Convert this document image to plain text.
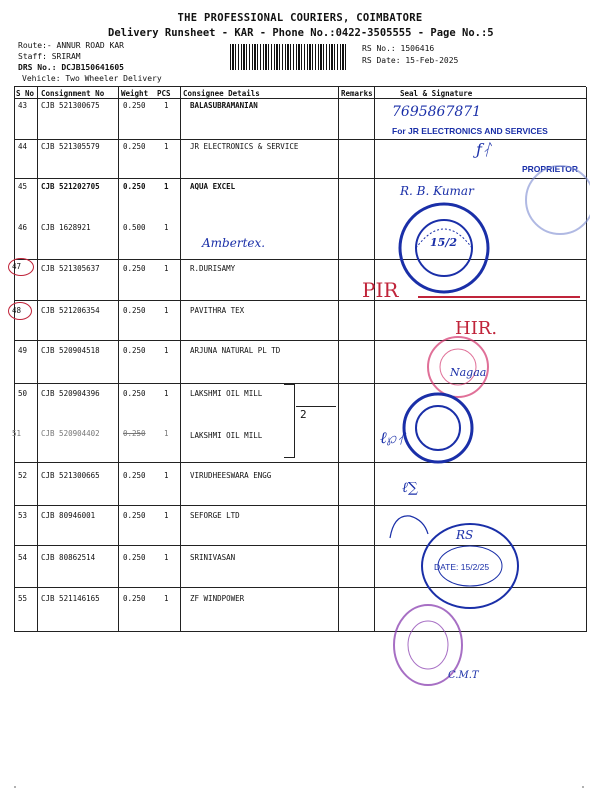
THE PROFESSIONAL COURIERS, COIMBATORE
Delivery Runsheet - KAR - Phone No.:0422-3505555 - Page No.:5
Route:- ANNUR ROAD KAR
Staff: SRIRAM
DRS No.: DCJB150641605
Vehicle: Two Wheeler Delivery
RS No.: 1506416
RS Date: 15-Feb-2025
S No Consignment No Weight PCS Consignee Details	Remarks	Seal & Signature
43 CJB 521300675	0.250 1	BALASUBRAMANIAN
44 CJB 521305579	0.250 1	JR ELECTRONICS & SERVICE
45 CJB 521202705	0.250 1	AQUA EXCEL
46 CJB 1628921	0.500 1
Ambertex.
47	CJB 521305637	0.250 1	R.DURISAMY
48	CJB 521206354	0.250 1	PAVITHRA TEX
49 CJB 520904518	0.250 1	ARJUNA NATURAL PL TD
50 CJB 520904396	0.250 1	LAKSHMI OIL MILL
51	CJB 520904402	0.250 1	LAKSHMI OIL MILL
2
52 CJB 521300665	0.250 1	VIRUDHEESWARA ENGG
53 CJB 80946001	0.250 1	SEFORGE LTD
54 CJB 80862514	0.250 1	SRINIVASAN
55 CJB 521146165	0.250 1	ZF WINDPOWER
7695867871
For JR ELECTRONICS AND SERVICES
ƒᛮ
PROPRIETOR
R. B. Kumar
15/2
PIR
HIR.
Nagaa
ℓ℘ᛮ
ℓ∑
DATE: 15/2/25
RS
C.M.T
